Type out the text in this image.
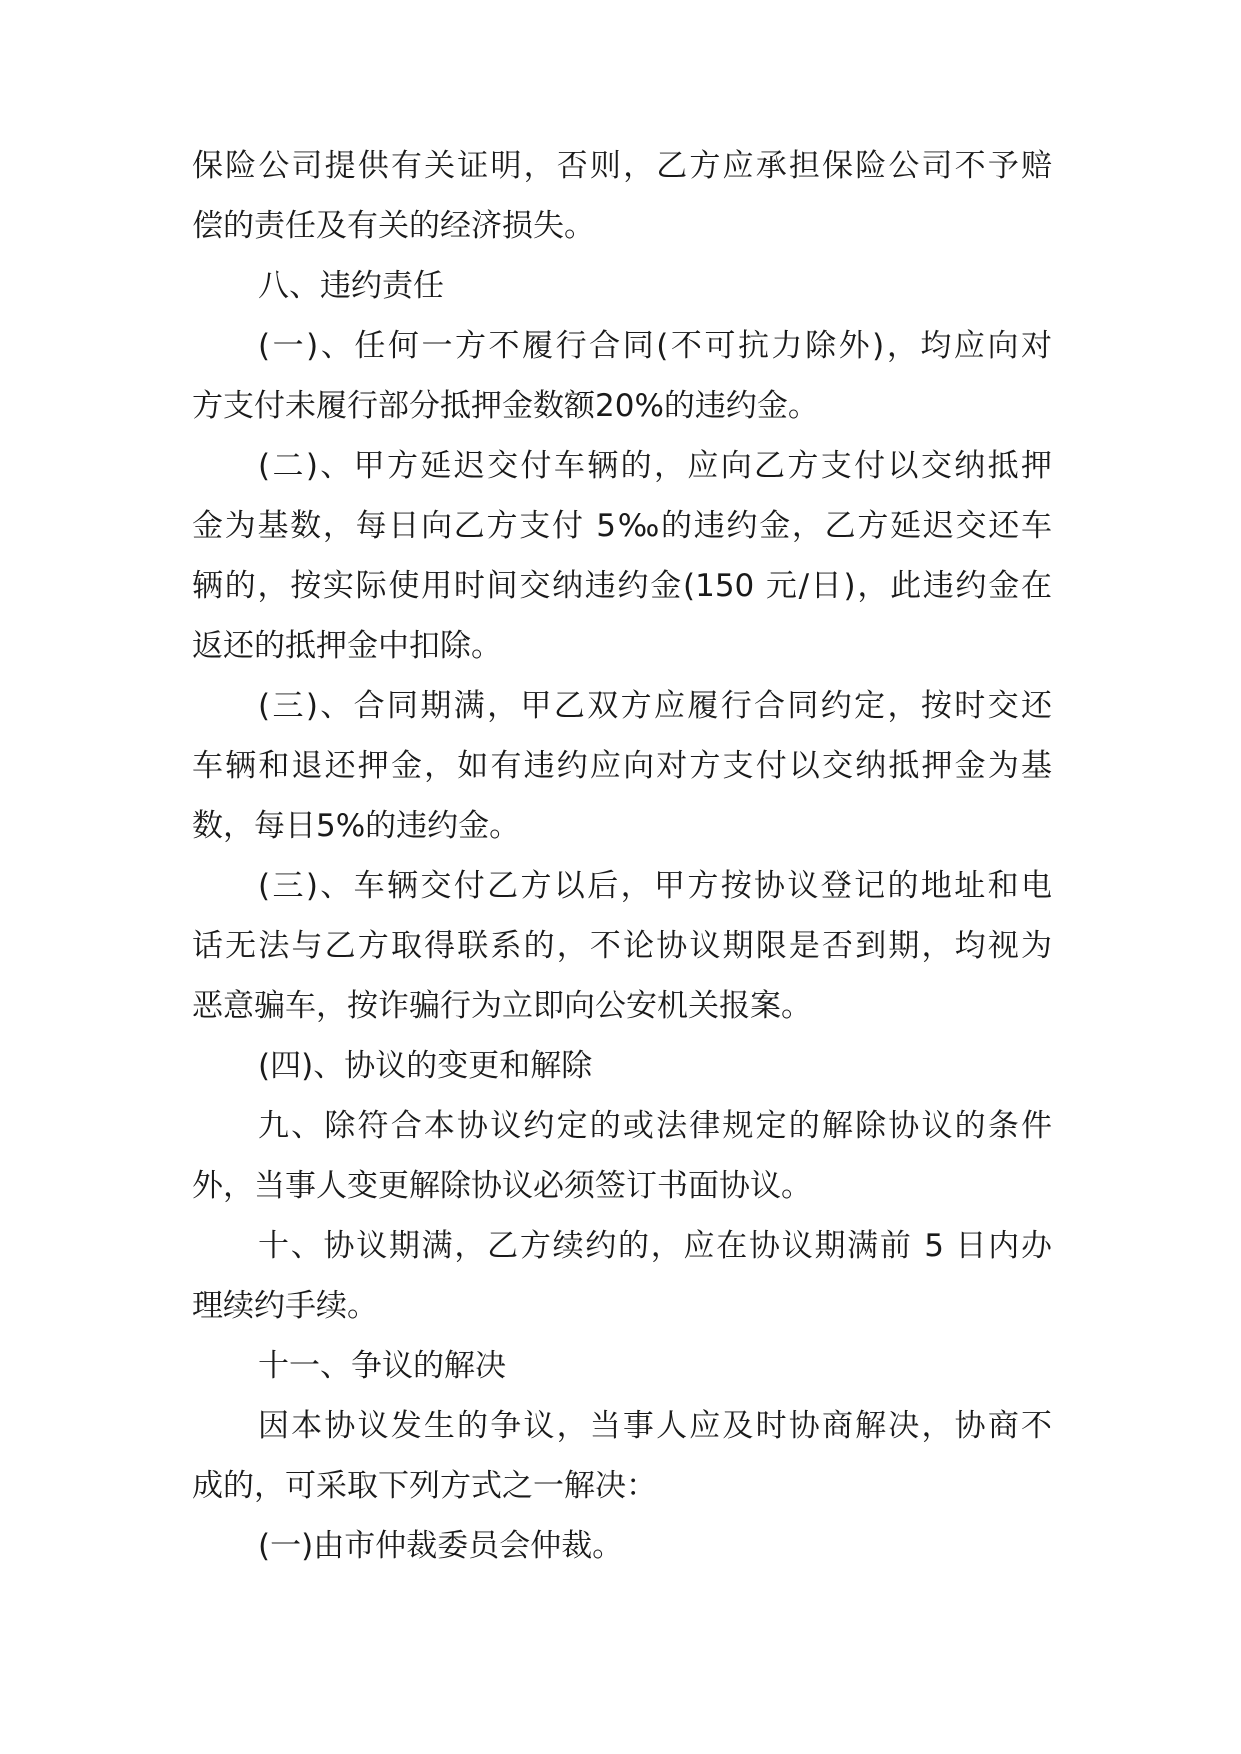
保险公司提供有关证明，否则，乙方应承担保险公司不予赔
偿的责任及有关的经济损失。
八、违约责任
(一)、任何一方不履行合同(不可抗力除外)，均应向对
方支付未履行部分抵押金数额20%的违约金。
(二)、甲方延迟交付车辆的，应向乙方支付以交纳抵押
金为基数，每日向乙方支付 5‰的违约金，乙方延迟交还车
辆的，按实际使用时间交纳违约金(150 元/日)，此违约金在
返还的抵押金中扣除。
(三)、合同期满，甲乙双方应履行合同约定，按时交还
车辆和退还押金，如有违约应向对方支付以交纳抵押金为基
数，每日5%的违约金。
(三)、车辆交付乙方以后，甲方按协议登记的地址和电
话无法与乙方取得联系的，不论协议期限是否到期，均视为
恶意骗车，按诈骗行为立即向公安机关报案。
(四)、协议的变更和解除
九、除符合本协议约定的或法律规定的解除协议的条件
外，当事人变更解除协议必须签订书面协议。
十、协议期满，乙方续约的，应在协议期满前 5 日内办
理续约手续。
十一、争议的解决
因本协议发生的争议，当事人应及时协商解决，协商不
成的，可采取下列方式之一解决：
(一)由市仲裁委员会仲裁。
